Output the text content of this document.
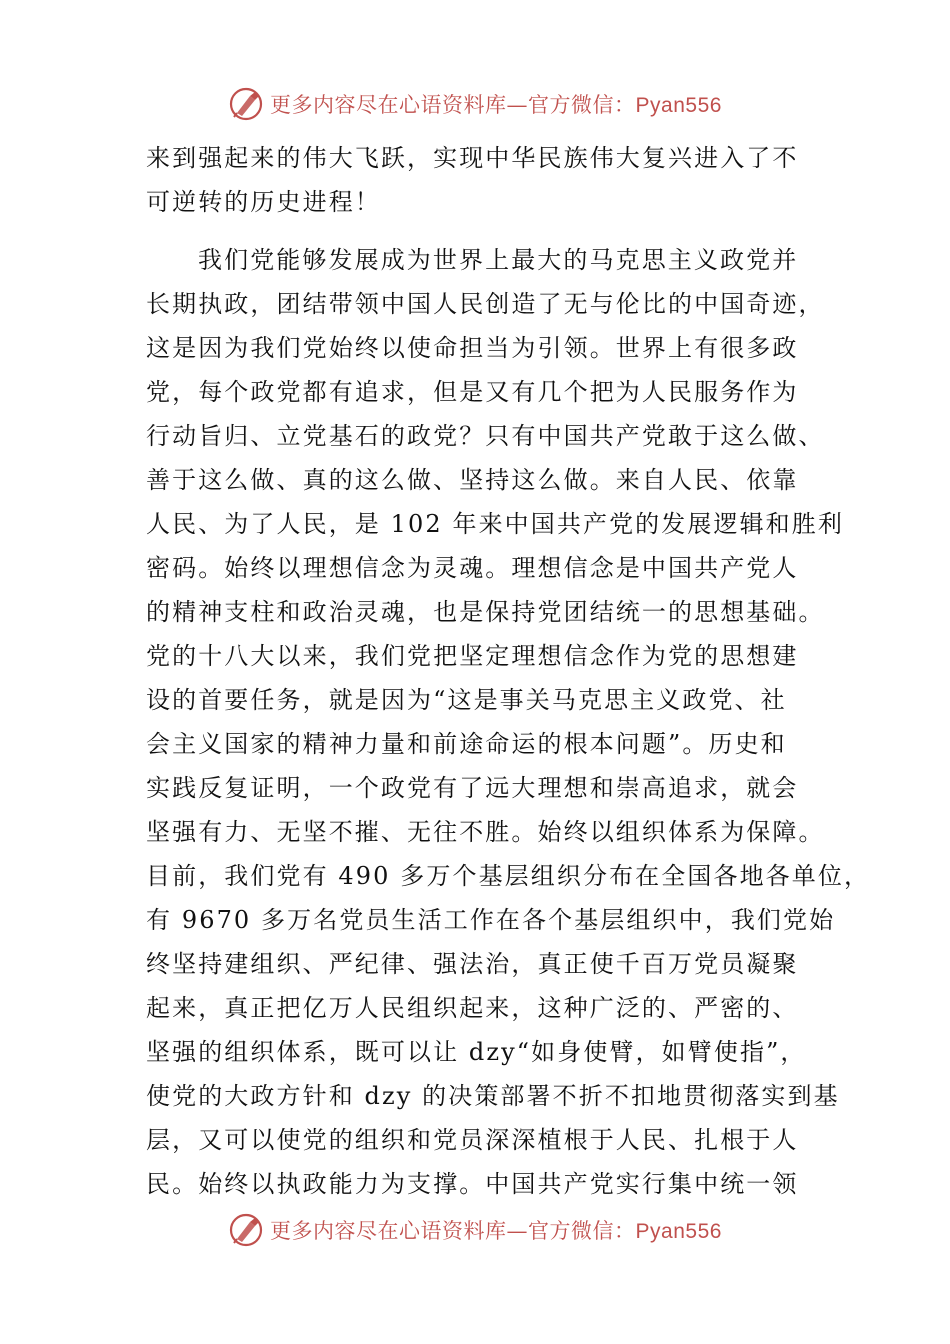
更多内容尽在心语资料库—官方微信：Pyan556
来到强起来的伟大飞跃，实现中华民族伟大复兴进入了不
可逆转的历史进程！
我们党能够发展成为世界上最大的马克思主义政党并
长期执政，团结带领中国人民创造了无与伦比的中国奇迹，
这是因为我们党始终以使命担当为引领。世界上有很多政
党，每个政党都有追求，但是又有几个把为人民服务作为
行动旨归、立党基石的政党？只有中国共产党敢于这么做、
善于这么做、真的这么做、坚持这么做。来自人民、依靠
人民、为了人民，是 102 年来中国共产党的发展逻辑和胜利
密码。始终以理想信念为灵魂。理想信念是中国共产党人
的精神支柱和政治灵魂，也是保持党团结统一的思想基础。
党的十八大以来，我们党把坚定理想信念作为党的思想建
设的首要任务，就是因为“这是事关马克思主义政党、社
会主义国家的精神力量和前途命运的根本问题”。历史和
实践反复证明，一个政党有了远大理想和崇高追求，就会
坚强有力、无坚不摧、无往不胜。始终以组织体系为保障。
目前，我们党有 490 多万个基层组织分布在全国各地各单位，
有 9670 多万名党员生活工作在各个基层组织中，我们党始
终坚持建组织、严纪律、强法治，真正使千百万党员凝聚
起来，真正把亿万人民组织起来，这种广泛的、严密的、
坚强的组织体系，既可以让 dzy“如身使臂，如臂使指”，
使党的大政方针和 dzy 的决策部署不折不扣地贯彻落实到基
层，又可以使党的组织和党员深深植根于人民、扎根于人
民。始终以执政能力为支撑。中国共产党实行集中统一领
更多内容尽在心语资料库—官方微信：Pyan556
